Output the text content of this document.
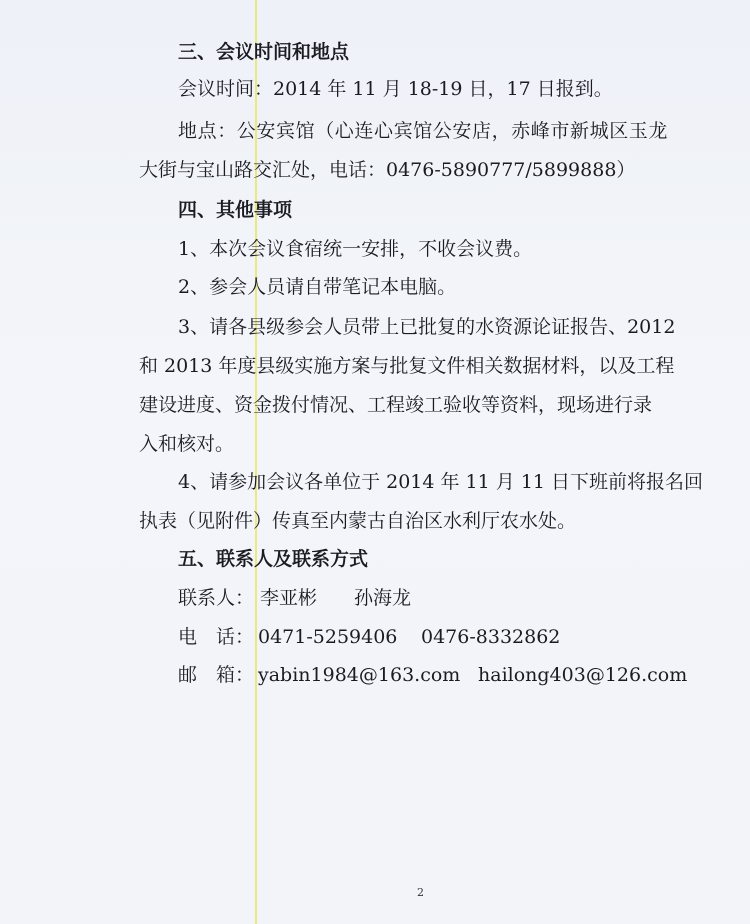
三、会议时间和地点
会议时间：2014 年 11 月 18-19 日，17 日报到。
地点：公安宾馆（心连心宾馆公安店，赤峰市新城区玉龙
大街与宝山路交汇处，电话：0476-5890777/5899888）
四、其他事项
1、本次会议食宿统一安排，不收会议费。
2、参会人员请自带笔记本电脑。
3、请各县级参会人员带上已批复的水资源论证报告、2012
和 2013 年度县级实施方案与批复文件相关数据材料，以及工程
建设进度、资金拨付情况、工程竣工验收等资料，现场进行录
入和核对。
4、请参加会议各单位于 2014 年 11 月 11 日下班前将报名回
执表（见附件）传真至内蒙古自治区水利厅农水处。
五、联系人及联系方式
联系人： 李亚彬 孙海龙
电　话： 0471-5259406 0476-8332862
邮　箱： yabin1984@163.com hailong403@126.com
2
